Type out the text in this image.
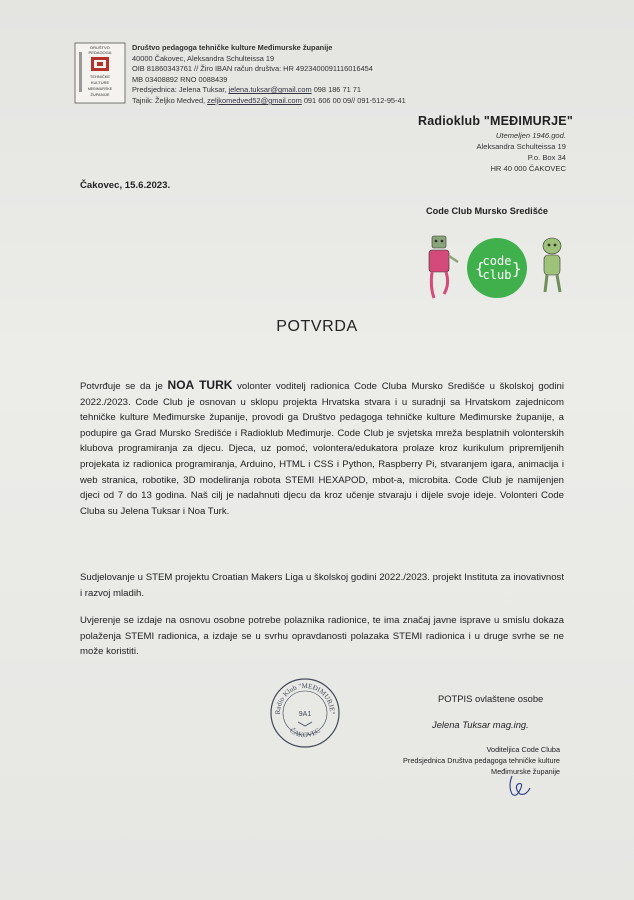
DRUŠTVO
PEDAGOGA
TEHNIČKE
KULTURE
MEĐIMURSKE
ŽUPANIJE
Društvo pedagoga tehničke kulture Međimurske županije
40000 Čakovec, Aleksandra Schulteissa 19
OIB 81860343761 // Žiro IBAN račun društva: HR 4923400091116016454
MB 03408892 RNO 0088439
Predsjednica: Jelena Tuksar, jelena.tuksar@gmail.com 098 186 71 71
Tajnik: Željko Medved, zeljkomedved52@gmail.com 091 606 00 09// 091-512-95-41
Radioklub "MEĐIMURJE"
Utemeljen 1946.god.
Aleksandra Schulteissa 19
P.o. Box 34
HR 40 000 ČAKOVEC
Čakovec, 15.6.2023.
Code Club Mursko Središće
code
club
{ }
POTVRDA
Potvrđuje se da je NOA TURK volonter voditelj radionica Code Cluba Mursko Središće u školskoj godini 2022./2023. Code Club je osnovan u sklopu projekta Hrvatska stvara i u suradnji sa Hrvatskom zajednicom tehničke kulture Međimurske županije, provodi ga Društvo pedagoga tehničke kulture Međimurske županije, a podupire ga Grad Mursko Središće i Radioklub Međimurje. Code Club je svjetska mreža besplatnih volonterskih klubova programiranja za djecu. Djeca, uz pomoć, volontera/edukatora prolaze kroz kurikulum pripremljenih projekata iz radionica programiranja, Arduino, HTML i CSS i Python, Raspberry Pi, stvaranjem igara, animacija i web stranica, robotike, 3D modeliranja robota STEMI HEXAPOD, mbot-a, microbita. Code Club je namijenjen djeci od 7 do 13 godina. Naš cilj je nadahnuti djecu da kroz učenje stvaraju i dijele svoje ideje. Volonteri Code Cluba su Jelena Tuksar i Noa Turk.
Sudjelovanje u STEM projektu Croatian Makers Liga u školskoj godini 2022./2023. projekt Instituta za inovativnost i razvoj mladih.
Uvjerenje se izdaje na osnovu osobne potrebe polaznika radionice, te ima značaj javne isprave u smislu dokaza polaženja STEMI radionica, a izdaje se u svrhu opravdanosti polazaka STEMI radionica i u druge svrhe se ne može koristiti.
Radio Klub "MEĐIMURJE"
ČAKOVEC
9A1
POTPIS ovlaštene osobe
Jelena Tuksar mag.ing.
Voditeljica Code Cluba
Predsjednica Društva pedagoga tehničke kulture
Međimurske županije
